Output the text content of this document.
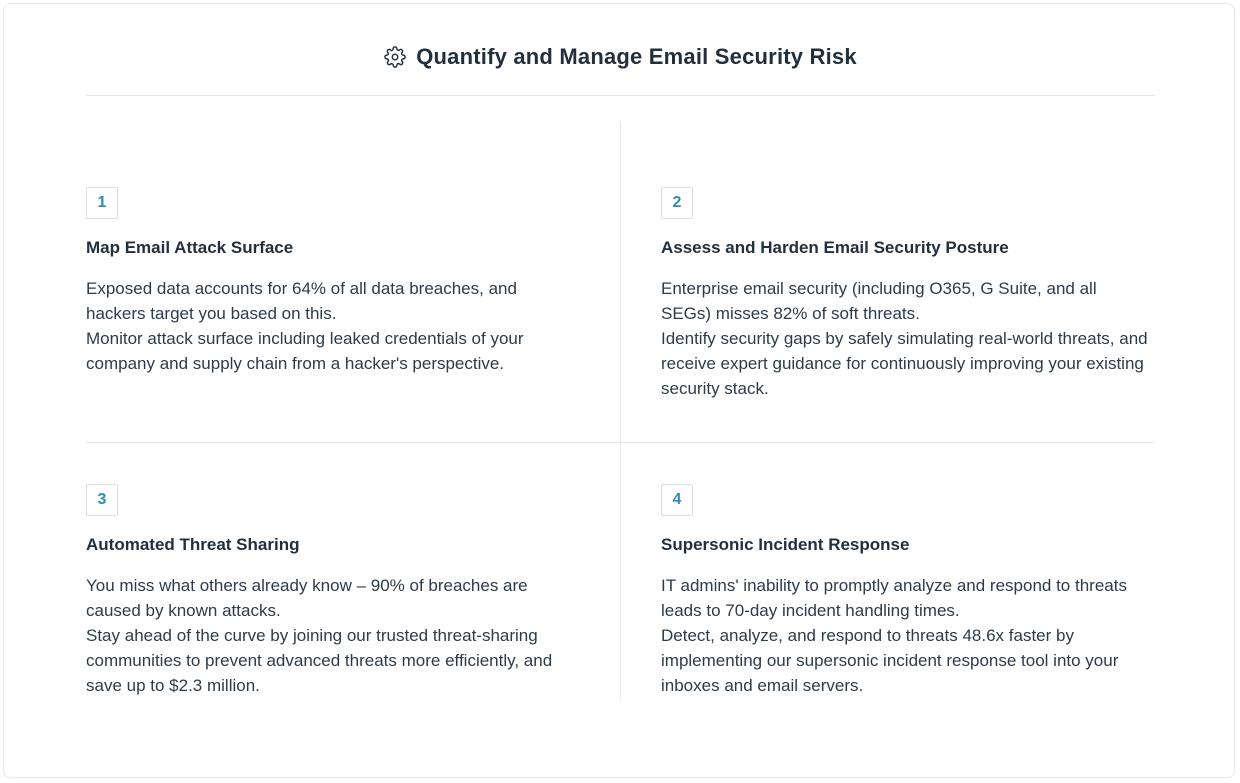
Quantify and Manage Email Security Risk
1
Map Email Attack Surface

Exposed data accounts for 64% of all data breaches, and hackers target you based on this.

Monitor attack surface including leaked credentials of your company and supply chain from a hacker's perspective.

2
Assess and Harden Email Security Posture

Enterprise email security (including O365, G Suite, and all SEGs) misses 82% of soft threats.

Identify security gaps by safely simulating real-world threats, and receive expert guidance for continuously improving your existing security stack.

3
Automated Threat Sharing

You miss what others already know – 90% of breaches are caused by known attacks.

Stay ahead of the curve by joining our trusted threat-sharing communities to prevent advanced threats more efficiently, and save up to $2.3 million.

4
Supersonic Incident Response

IT admins' inability to promptly analyze and respond to threats leads to 70-day incident handling times.

Detect, analyze, and respond to threats 48.6x faster by implementing our supersonic incident response tool into your inboxes and email servers.
